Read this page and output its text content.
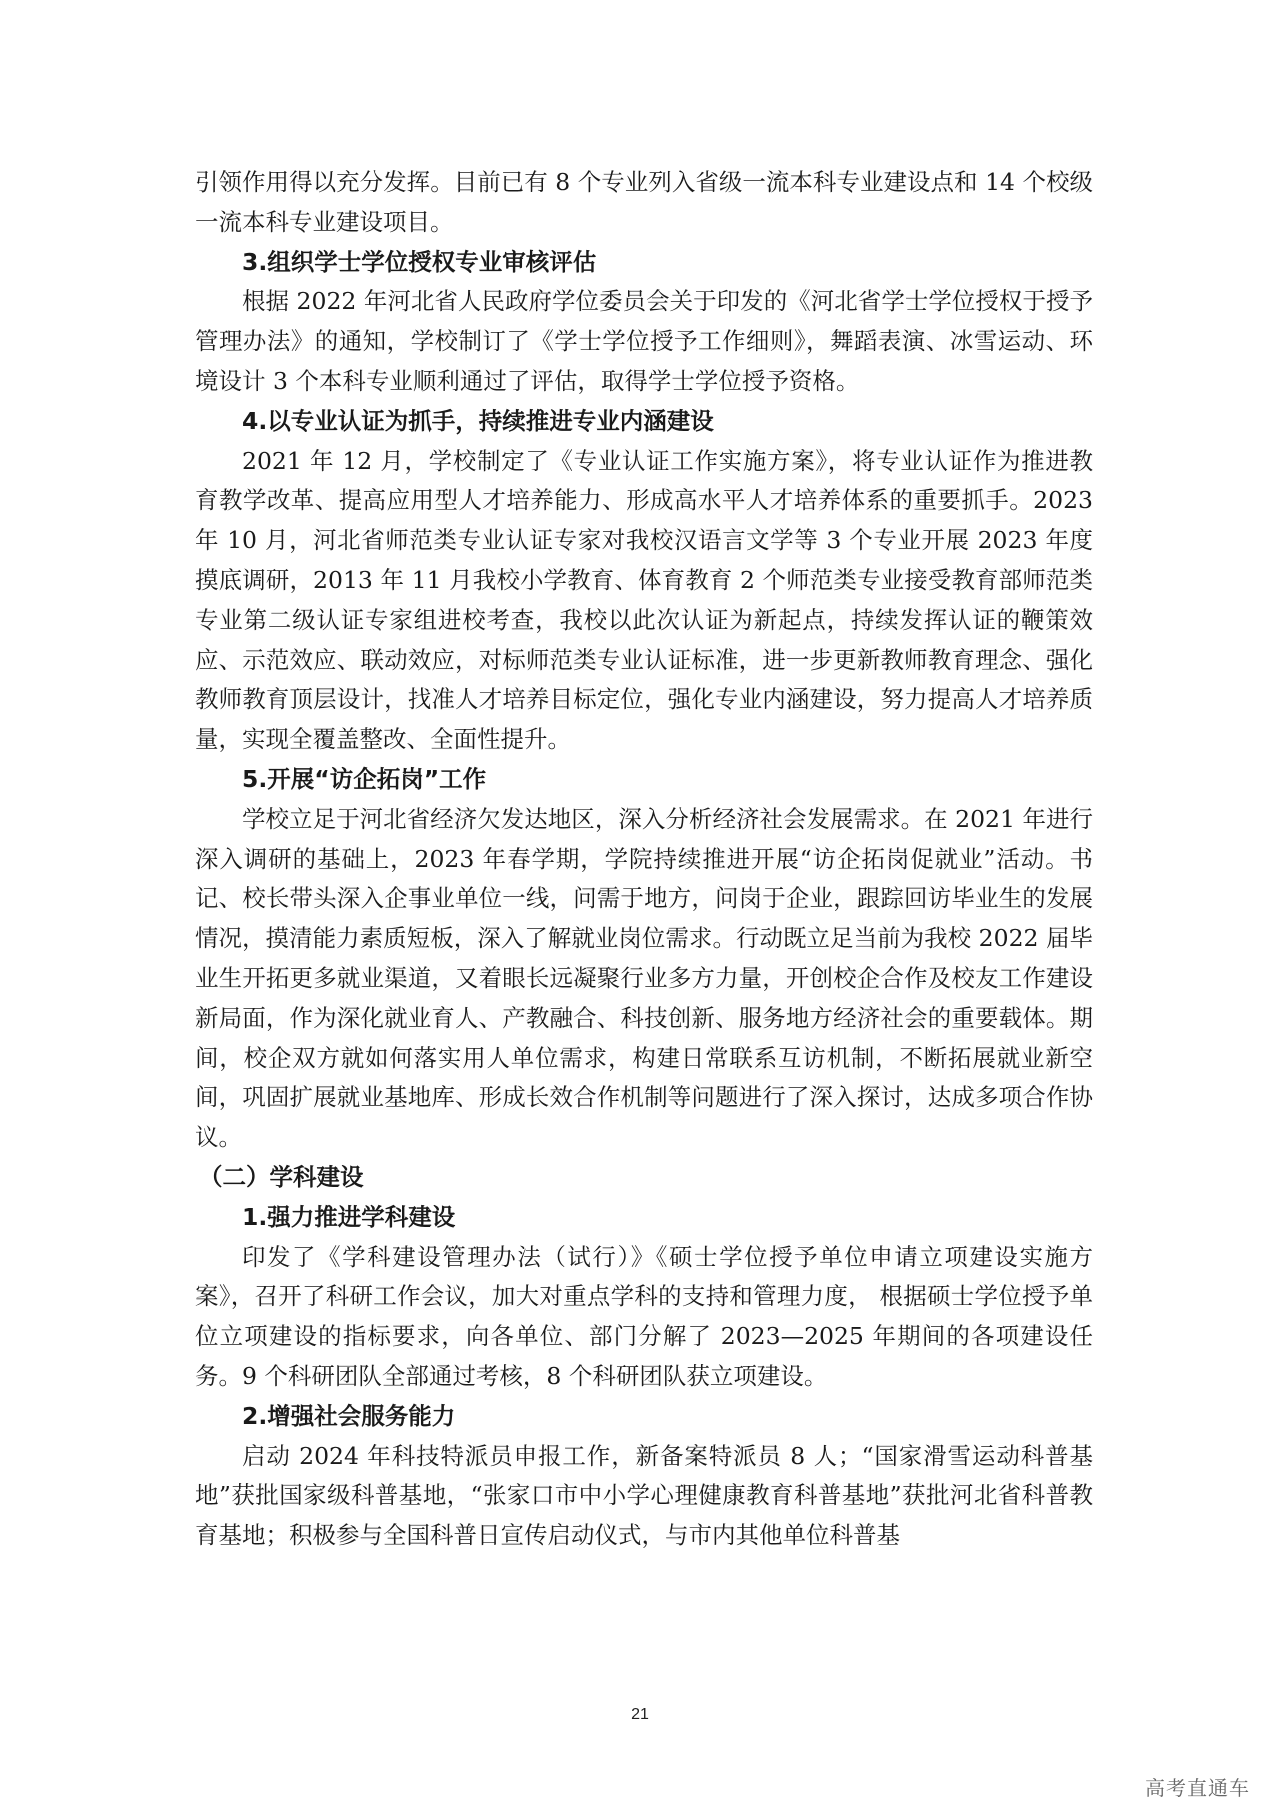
引领作用得以充分发挥。目前已有 8 个专业列入省级一流本科专业建设点和 14 个校级一流本科专业建设项目。

3.组织学士学位授权专业审核评估

根据 2022 年河北省人民政府学位委员会关于印发的《河北省学士学位授权于授予管理办法》的通知，学校制订了《学士学位授予工作细则》，舞蹈表演、冰雪运动、环境设计 3 个本科专业顺利通过了评估，取得学士学位授予资格。

4.以专业认证为抓手，持续推进专业内涵建设

2021 年 12 月，学校制定了《专业认证工作实施方案》，将专业认证作为推进教育教学改革、提高应用型人才培养能力、形成高水平人才培养体系的重要抓手。2023 年 10 月，河北省师范类专业认证专家对我校汉语言文学等 3 个专业开展 2023 年度摸底调研，2013 年 11 月我校小学教育、体育教育 2 个师范类专业接受教育部师范类专业第二级认证专家组进校考查，我校以此次认证为新起点，持续发挥认证的鞭策效应、示范效应、联动效应，对标师范类专业认证标准，进一步更新教师教育理念、强化教师教育顶层设计，找准人才培养目标定位，强化专业内涵建设，努力提高人才培养质量，实现全覆盖整改、全面性提升。

5.开展“访企拓岗”工作

学校立足于河北省经济欠发达地区，深入分析经济社会发展需求。在 2021 年进行深入调研的基础上，2023 年春学期，学院持续推进开展“访企拓岗促就业”活动。书记、校长带头深入企事业单位一线，问需于地方，问岗于企业，跟踪回访毕业生的发展情况，摸清能力素质短板，深入了解就业岗位需求。行动既立足当前为我校 2022 届毕业生开拓更多就业渠道，又着眼长远凝聚行业多方力量，开创校企合作及校友工作建设新局面，作为深化就业育人、产教融合、科技创新、服务地方经济社会的重要载体。期间，校企双方就如何落实用人单位需求，构建日常联系互访机制，不断拓展就业新空间，巩固扩展就业基地库、形成长效合作机制等问题进行了深入探讨，达成多项合作协议。

（二）学科建设

1.强力推进学科建设

印发了《学科建设管理办法（试行）》《硕士学位授予单位申请立项建设实施方案》，召开了科研工作会议，加大对重点学科的支持和管理力度， 根据硕士学位授予单位立项建设的指标要求，向各单位、部门分解了 2023—2025 年期间的各项建设任务。9 个科研团队全部通过考核，8 个科研团队获立项建设。

2.增强社会服务能力

启动 2024 年科技特派员申报工作，新备案特派员 8 人；“国家滑雪运动科普基地”获批国家级科普基地，“张家口市中小学心理健康教育科普基地”获批河北省科普教育基地；积极参与全国科普日宣传启动仪式，与市内其他单位科普基

21
高考直通车
